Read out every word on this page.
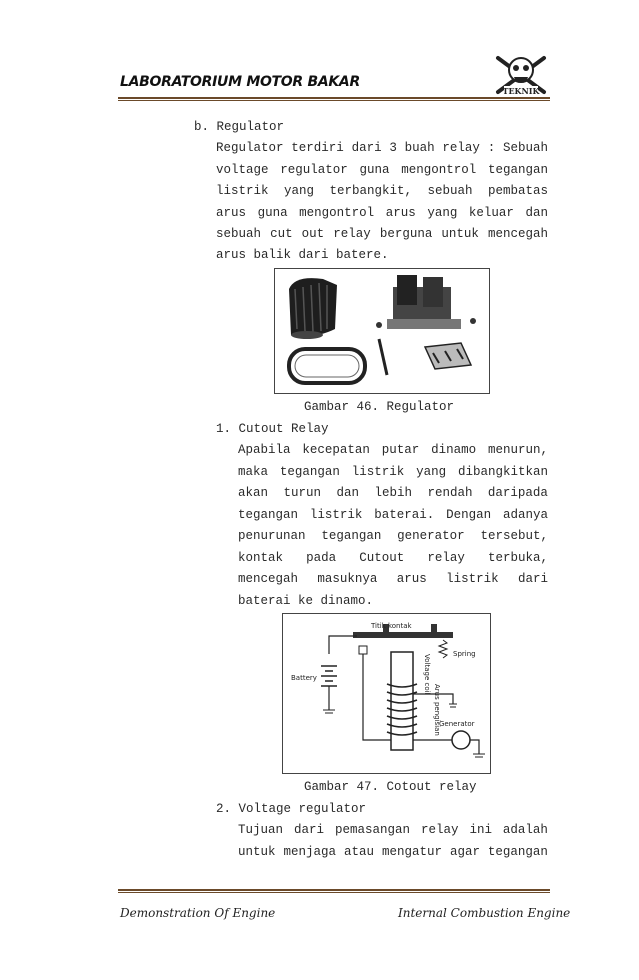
LABORATORIUM MOTOR BAKAR
TEKNIK
b. Regulator
Regulator terdiri dari 3 buah relay : Sebuah
voltage regulator guna mengontrol tegangan
listrik yang terbangkit, sebuah pembatas
arus guna mengontrol arus yang keluar dan
sebuah cut out relay berguna untuk mencegah
arus balik dari batere.
Gambar 46. Regulator
1. Cutout Relay
Apabila kecepatan putar dinamo menurun,
maka tegangan listrik yang dibangkitkan
akan turun dan lebih rendah daripada
tegangan listrik baterai. Dengan adanya
penurunan tegangan generator tersebut,
kontak pada Cutout relay terbuka,
mencegah masuknya arus listrik dari
baterai ke dinamo.
Titik kontak
Spring
Voltage coil
Arus pengisian
Battery
Generator
Gambar 47. Cotout relay
2. Voltage regulator
Tujuan dari pemasangan relay ini adalah
untuk menjaga atau mengatur agar tegangan
Demonstration Of Engine	Internal Combustion Engine
